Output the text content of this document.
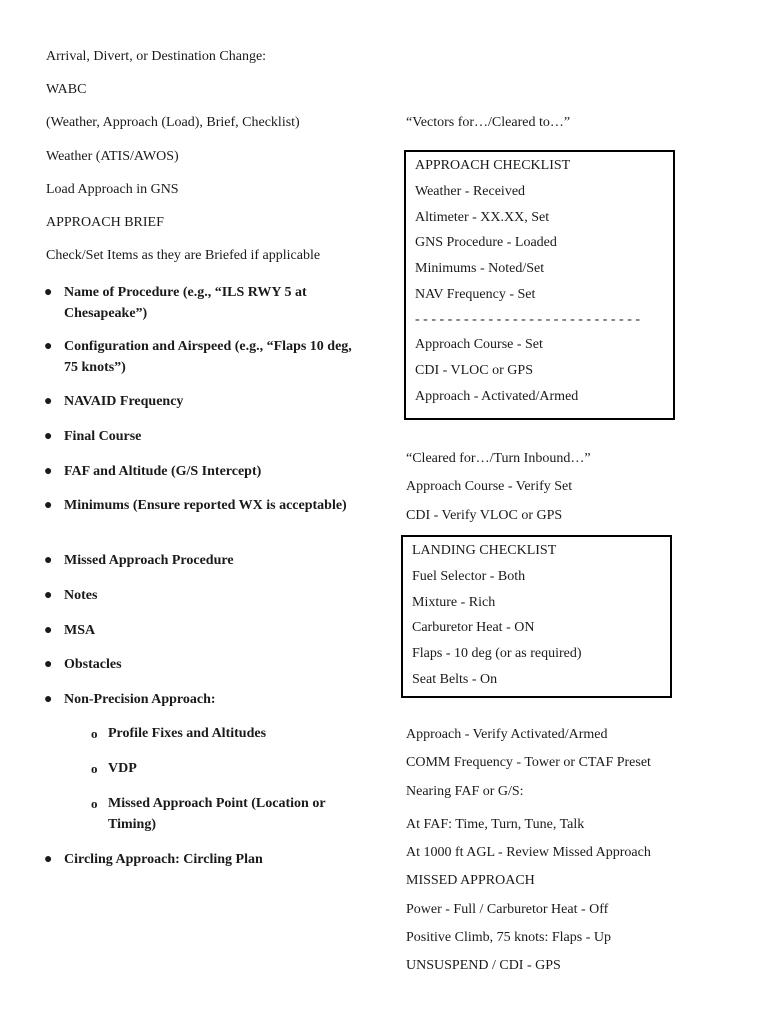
Arrival, Divert, or Destination Change:
WABC
(Weather, Approach (Load), Brief, Checklist)
Weather (ATIS/AWOS)
Load Approach in GNS
APPROACH BRIEF
Check/Set Items as they are Briefed if applicable
● Name of Procedure (e.g., “ILS RWY 5 at Chesapeake”)
● Configuration and Airspeed (e.g., “Flaps 10 deg, 75 knots”)
● NAVAID Frequency
● Final Course
● FAF and Altitude (G/S Intercept)
● Minimums (Ensure reported WX is acceptable)
● Missed Approach Procedure
● Notes
● MSA
● Obstacles
● Non-Precision Approach:
o Profile Fixes and Altitudes
o VDP
o Missed Approach Point (Location or Timing)
● Circling Approach: Circling Plan
“Vectors for…/Cleared to…”
APPROACH CHECKLIST
Weather - Received
Altimeter - XX.XX, Set
GNS Procedure - Loaded
Minimums - Noted/Set
NAV Frequency - Set
- - - - - - - - - - - - - - - - - - - - - - - - - - - -
Approach Course - Set
CDI - VLOC or GPS
Approach - Activated/Armed
“Cleared for…/Turn Inbound…”
Approach Course - Verify Set
CDI - Verify VLOC or GPS
LANDING CHECKLIST
Fuel Selector - Both
Mixture - Rich
Carburetor Heat - ON
Flaps - 10 deg (or as required)
Seat Belts - On
Approach - Verify Activated/Armed
COMM Frequency - Tower or CTAF Preset
Nearing FAF or G/S:
At FAF: Time, Turn, Tune, Talk
At 1000 ft AGL - Review Missed Approach
MISSED APPROACH
Power - Full / Carburetor Heat - Off
Positive Climb, 75 knots: Flaps - Up
UNSUSPEND / CDI - GPS
